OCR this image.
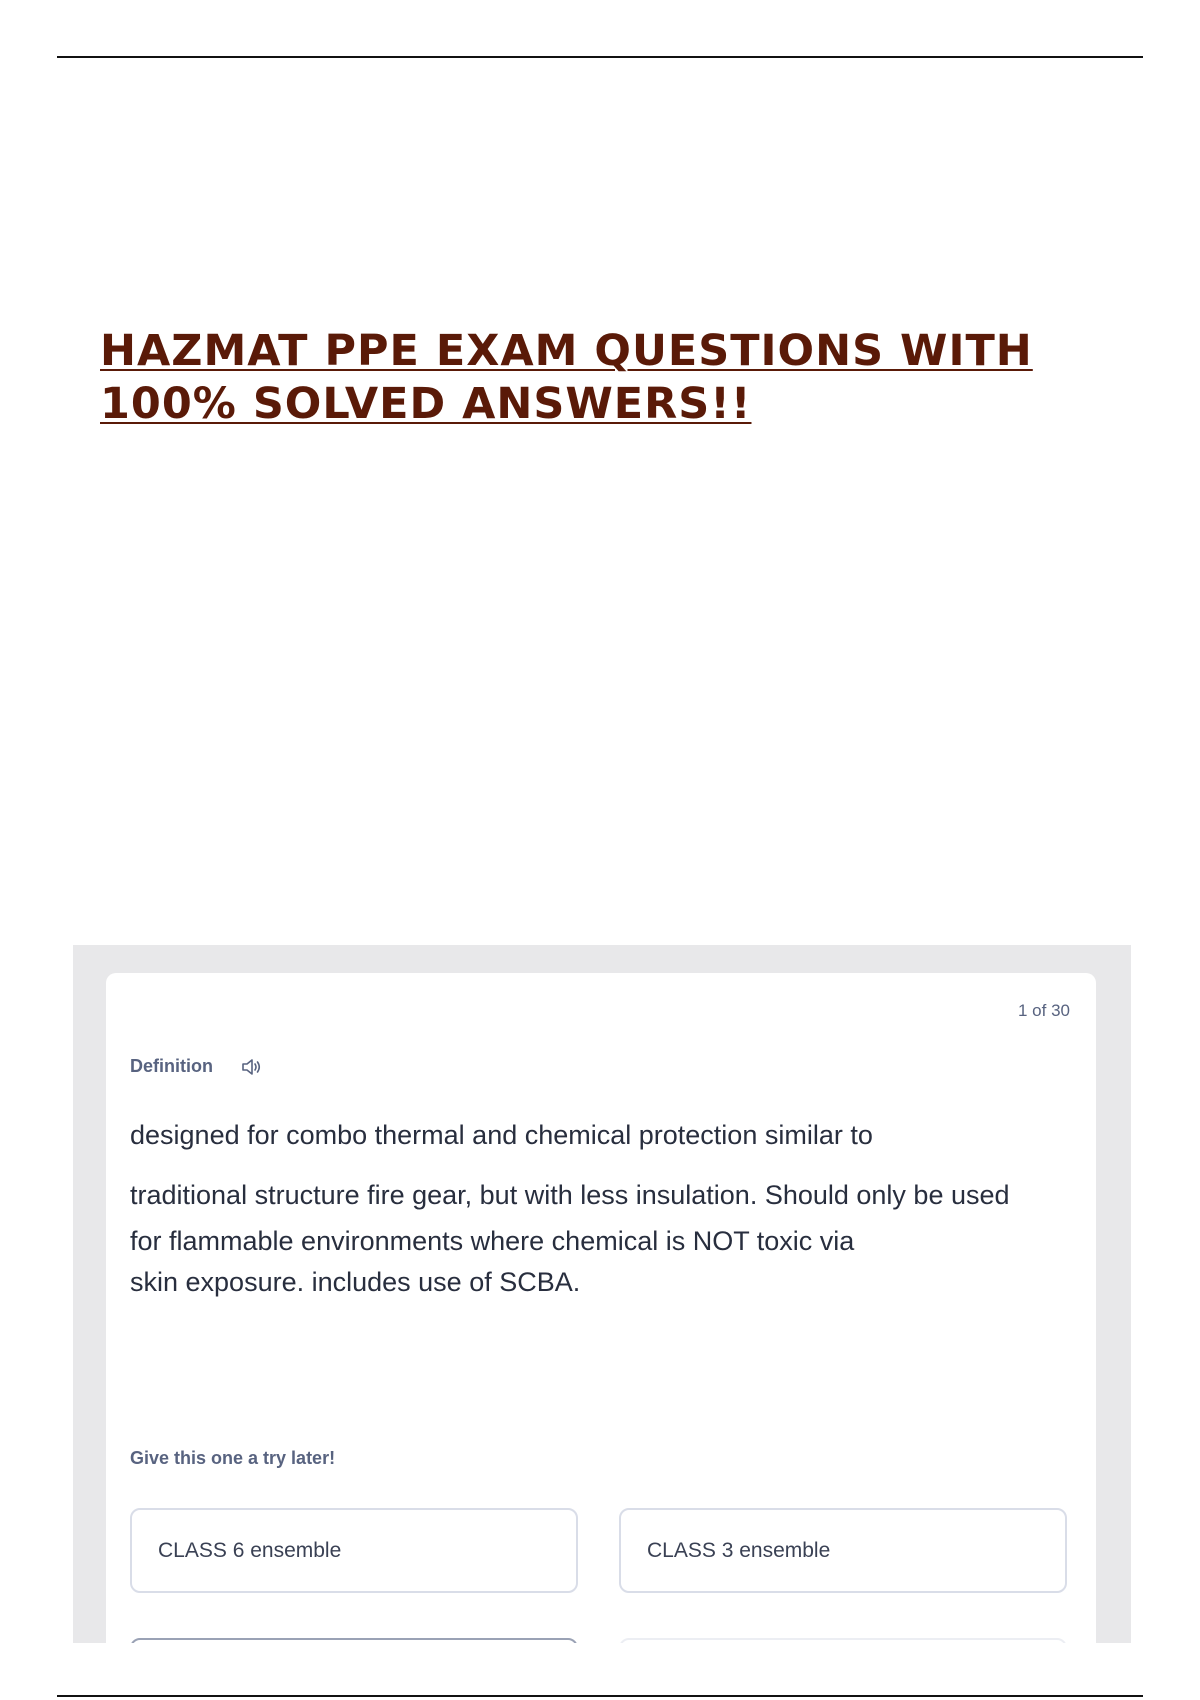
HAZMAT PPE EXAM QUESTIONS WITH
100% SOLVED ANSWERS!!
1 of 30
Definition
designed for combo thermal and chemical protection similar to
traditional structure fire gear, but with less insulation. Should only be used
for flammable environments where chemical is NOT toxic via
skin exposure. includes use of SCBA.
Give this one a try later!
CLASS 6 ensemble	CLASS 3 ensemble
